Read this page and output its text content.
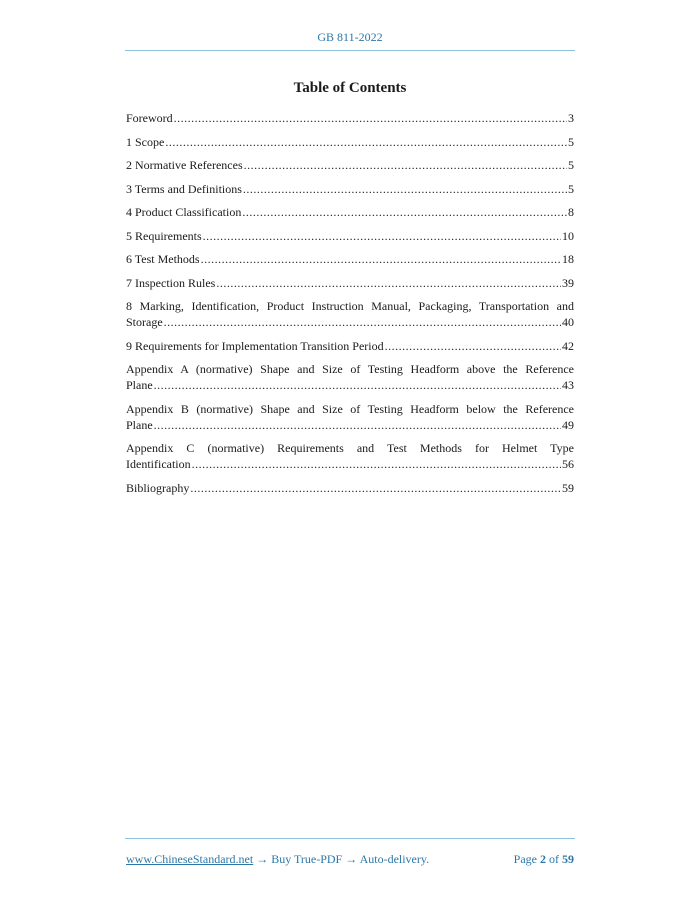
GB 811-2022
Table of Contents
Foreword .....	3
1 Scope .....	5
2 Normative References .....	5
3 Terms and Definitions .....	5
4 Product Classification .....	8
5 Requirements .....	10
6 Test Methods .....	18
7 Inspection Rules .....	39
8 Marking, Identification, Product Instruction Manual, Packaging, Transportation and
Storage .....	40
9 Requirements for Implementation Transition Period .....	42
Appendix A (normative) Shape and Size of Testing Headform above the Reference
Plane .....	43
Appendix B (normative) Shape and Size of Testing Headform below the Reference
Plane .....	49
Appendix C (normative) Requirements and Test Methods for Helmet Type
Identification .....	56
Bibliography .....	59
www.ChineseStandard.net → Buy True-PDF → Auto-delivery.	Page 2 of 59
